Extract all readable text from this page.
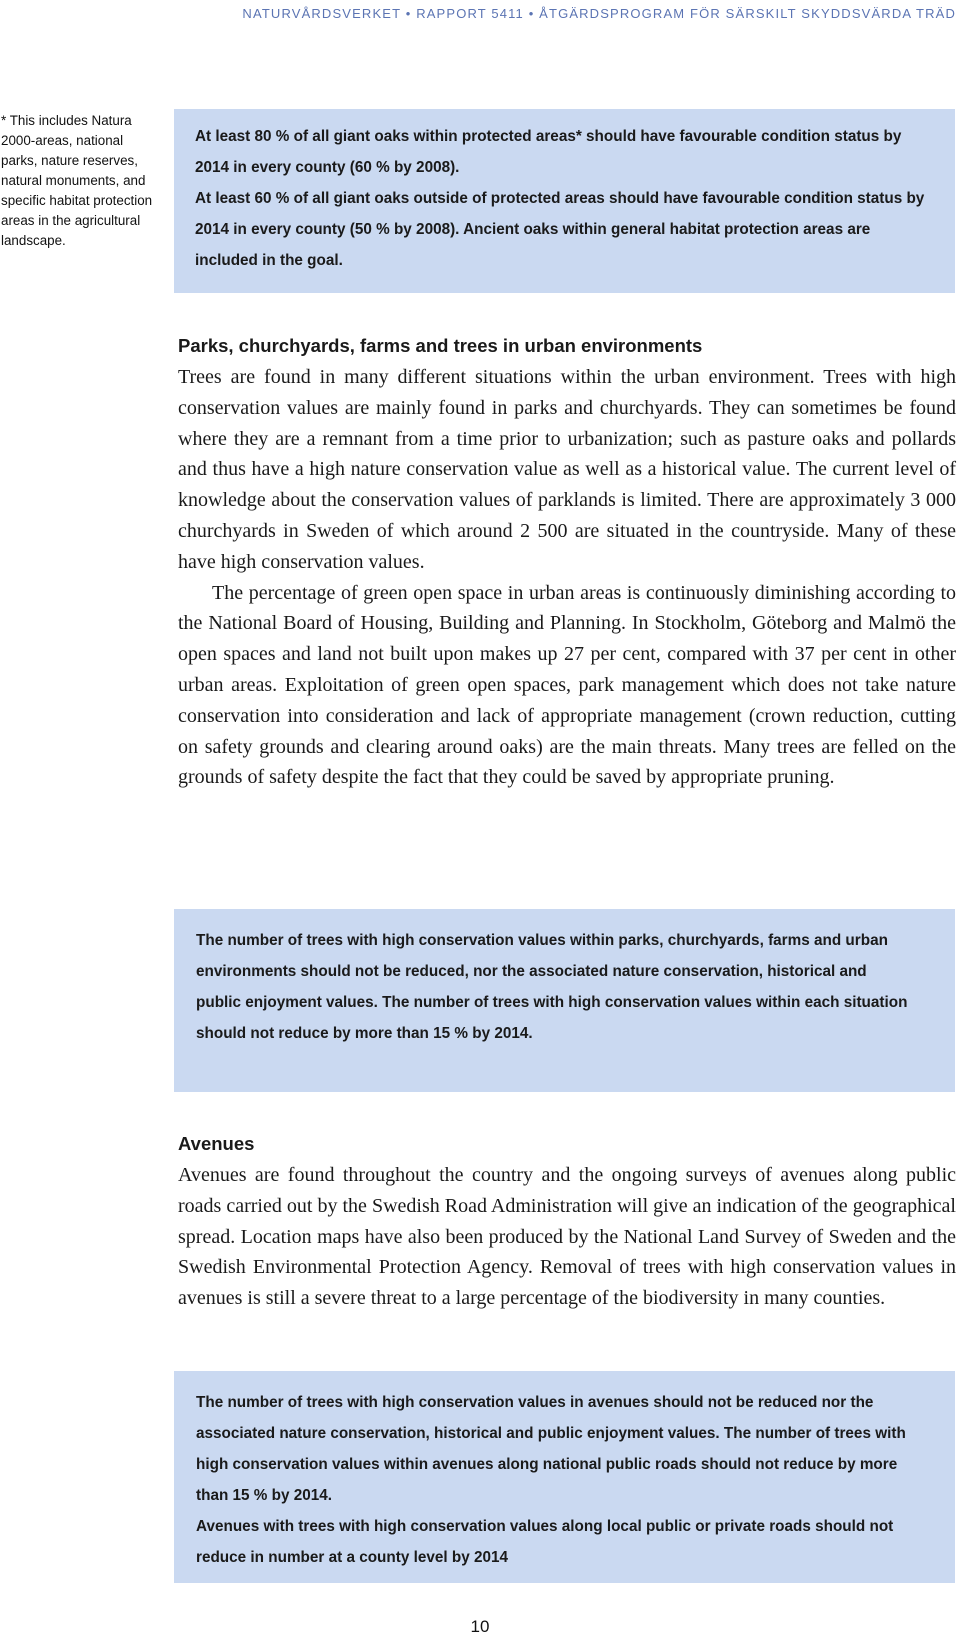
NATURVÅRDSVERKET • RAPPORT 5411 • ÅTGÄRDSPROGRAM FÖR SÄRSKILT SKYDDSVÄRDA TRÄD
* This includes Natura 2000-areas, national parks, nature reserves, natural monuments, and specific habitat protection areas in the agricultural landscape.

At least 80 % of all giant oaks within protected areas* should have favourable condition status by 2014 in every county (60 % by 2008).

At least 60 % of all giant oaks outside of protected areas should have favourable condition status by 2014 in every county (50 % by 2008). Ancient oaks within general habitat protection areas are included in the goal.

Parks, churchyards, farms and trees in urban environments

Trees are found in many different situations within the urban environment. Trees with high conservation values are mainly found in parks and churchyards. They can sometimes be found where they are a remnant from a time prior to urbanization; such as pasture oaks and pollards and thus have a high nature conservation value as well as a historical value. The current level of knowledge about the conservation values of parklands is limited. There are approximately 3 000 churchyards in Sweden of which around 2 500 are situated in the countryside. Many of these have high conservation values.

The percentage of green open space in urban areas is continuously diminishing according to the National Board of Housing, Building and Planning. In Stockholm, Göteborg and Malmö the open spaces and land not built upon makes up 27 per cent, compared with 37 per cent in other urban areas. Exploitation of green open spaces, park management which does not take nature conservation into consideration and lack of appropriate management (crown reduction, cutting on safety grounds and clearing around oaks) are the main threats. Many trees are felled on the grounds of safety despite the fact that they could be saved by appropriate pruning.

The number of trees with high conservation values within parks, churchyards, farms and urban environments should not be reduced, nor the associated nature conservation, historical and public enjoyment values. The number of trees with high conservation values within each situation should not reduce by more than 15 % by 2014.

Avenues

Avenues are found throughout the country and the ongoing surveys of avenues along public roads carried out by the Swedish Road Administration will give an indication of the geographical spread. Location maps have also been produced by the National Land Survey of Sweden and the Swedish Environmental Protection Agency. Removal of trees with high conservation values in avenues is still a severe threat to a large percentage of the biodiversity in many counties.

The number of trees with high conservation values in avenues should not be reduced nor the associated nature conservation, historical and public enjoyment values. The number of trees with high conservation values within avenues along national public roads should not reduce by more than 15 % by 2014.

Avenues with trees with high conservation values along local public or private roads should not reduce in number at a county level by 2014

10
